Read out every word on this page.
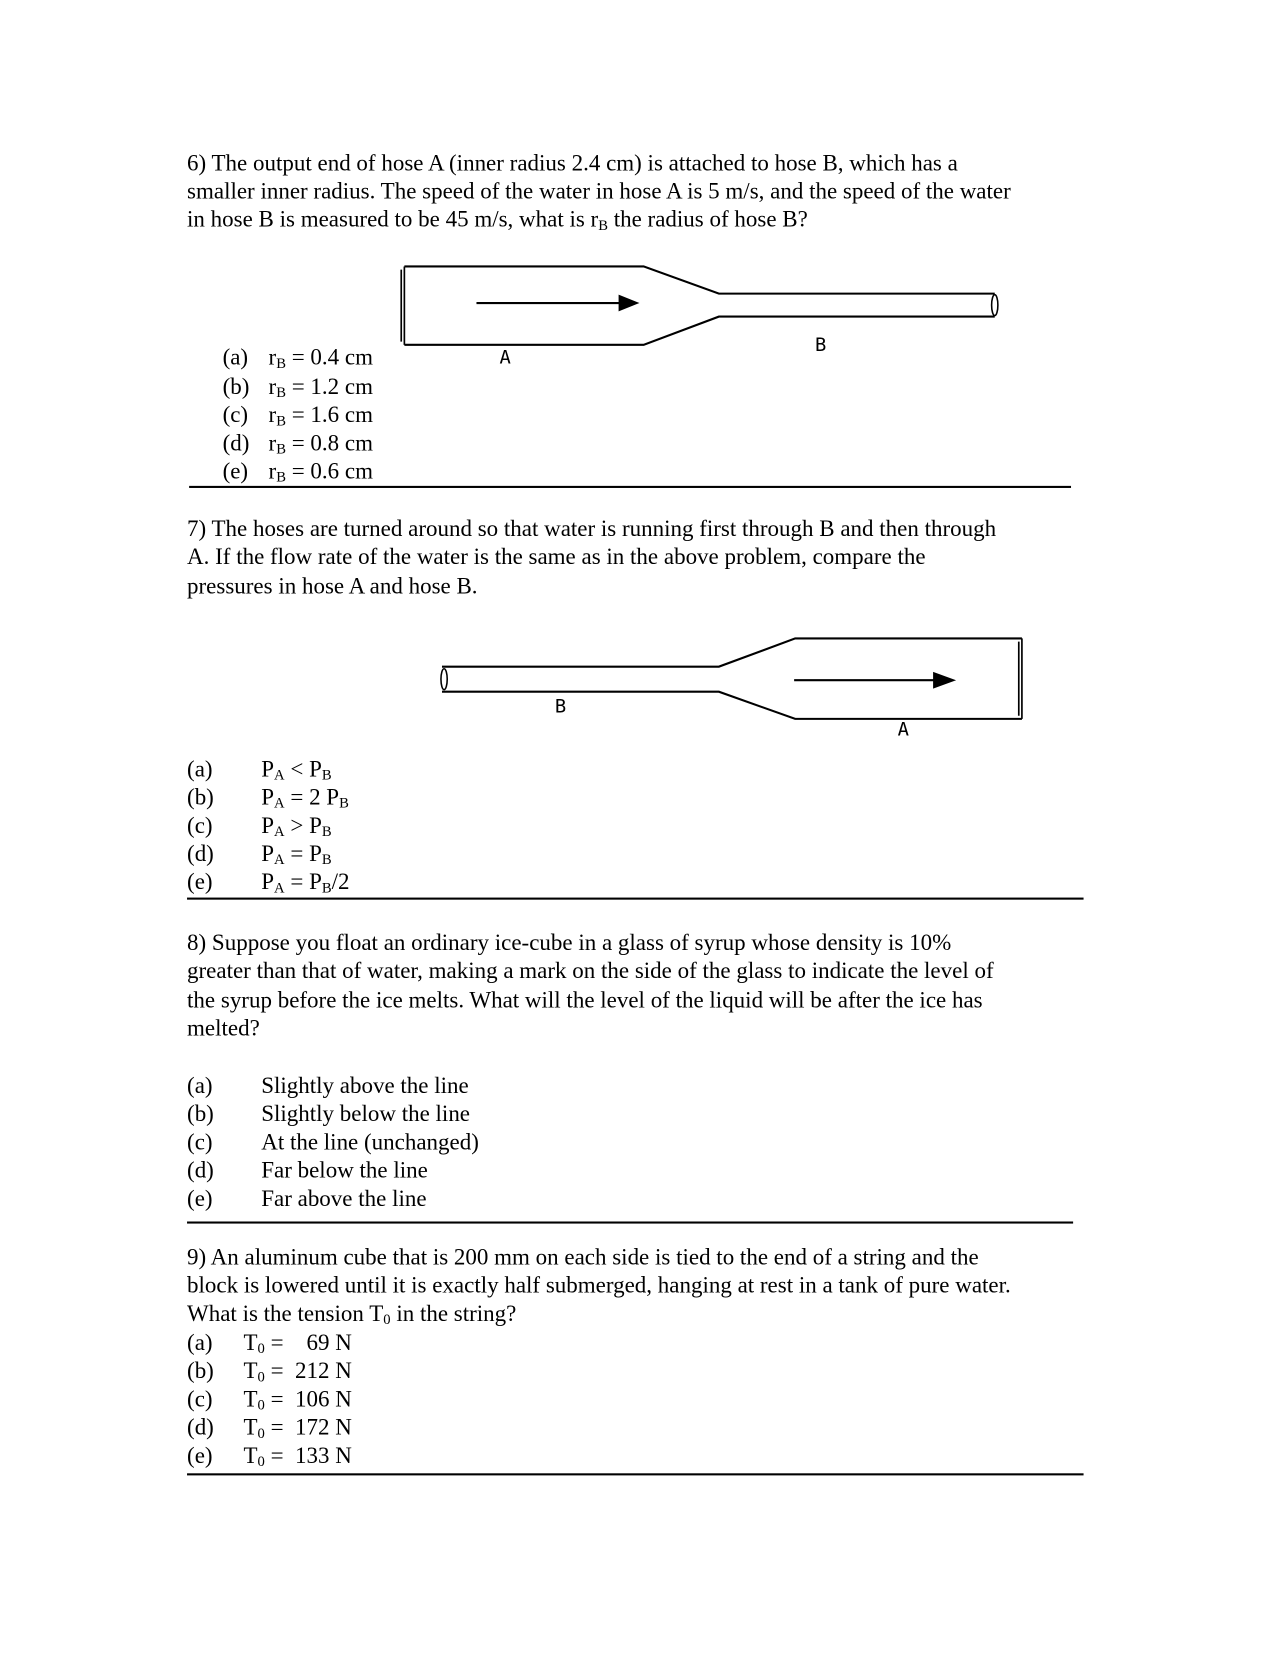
A
B
B
A
6) The output end of hose A (inner radius 2.4 cm) is attached to hose B, which has a
smaller inner radius. The speed of the water in hose A is 5 m/s, and the speed of the water
in hose B is measured to be 45 m/s, what is $r_B$ the radius of hose B?
(a) $r_B = 0.4$ cm
(b) $r_B = 1.2$ cm
(c) $r_B = 1.6$ cm
(d) $r_B = 0.8$ cm
(e) $r_B = 0.6$ cm
7) The hoses are turned around so that water is running first through B and then through
A. If the flow rate of the water is the same as in the above problem, compare the
pressures in hose A and hose B.
(a) $P_A < P_B$
(b) $P_A = 2$ $P_B$
(c) $P_A > P_B$
(d) $P_A = P_B$
(e) $P_A = P_B/2$
8) Suppose you float an ordinary ice-cube in a glass of syrup whose density is 10%
greater than that of water, making a mark on the side of the glass to indicate the level of
the syrup before the ice melts. What will the level of the liquid will be after the ice has
melted?
(a) Slightly above the line
(b) Slightly below the line
(c) At the line (unchanged)
(d) Far below the line
(e) Far above the line
9) An aluminum cube that is 200 mm on each side is tied to the end of a string and the
block is lowered until it is exactly half submerged, hanging at rest in a tank of pure water.
What is the tension $T_0$ in the string?
(a) $T_0$ =    69 N
(b) $T_0 = 212$ N
(c) $T_0 = 106$ N
(d) $T_0 = 172$ N
(e) $T_0 = 133$ N
